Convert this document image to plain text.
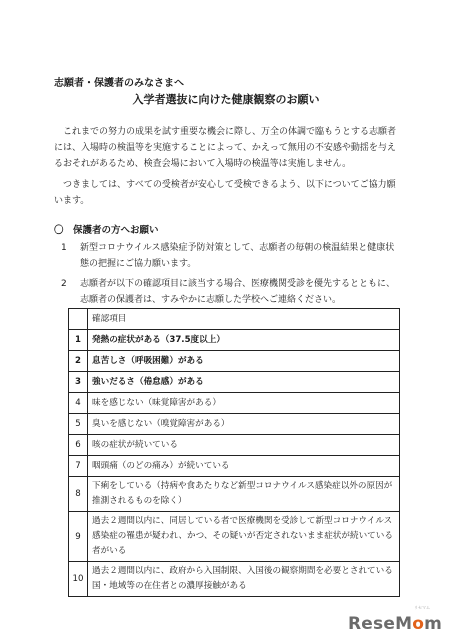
志願者・保護者のみなさまへ
入学者選抜に向けた健康観察のお願い
これまでの努力の成果を試す重要な機会に際し、万全の体調で臨もうとする志願者には、入場時の検温等を実施することによって、かえって無用の不安感や動揺を与えるおそれがあるため、検査会場において入場時の検温等は実施しません。
つきましては、すべての受検者が安心して受検できるよう、以下についてご協力願います。
〇　保護者の方へお願い
1 新型コロナウイルス感染症予防対策として、志願者の毎朝の検温結果と健康状態の把握にご協力願います。
2 志願者が以下の確認項目に該当する場合、医療機関受診を優先するとともに、志願者の保護者は、すみやかに志願した学校へご連絡ください。
	確認項目
1	発熱の症状がある（37.5度以上）
2	息苦しさ（呼吸困難）がある
3	強いだるさ（倦怠感）がある
4	味を感じない（味覚障害がある）
5	臭いを感じない（嗅覚障害がある）
6	咳の症状が続いている
7	咽頭痛（のどの痛み）が続いている
8	下痢をしている（持病や食あたりなど新型コロナウイルス感染症以外の原因が推測されるものを除く）
9	過去２週間以内に、同居している者で医療機関を受診して新型コロナウイルス感染症の罹患が疑われ、かつ、その疑いが否定されないまま症状が続いている者がいる
10	過去２週間以内に、政府から入国制限、入国後の観察期間を必要とされている国・地域等の在住者との濃厚接触がある
リセマム
ReseMom
